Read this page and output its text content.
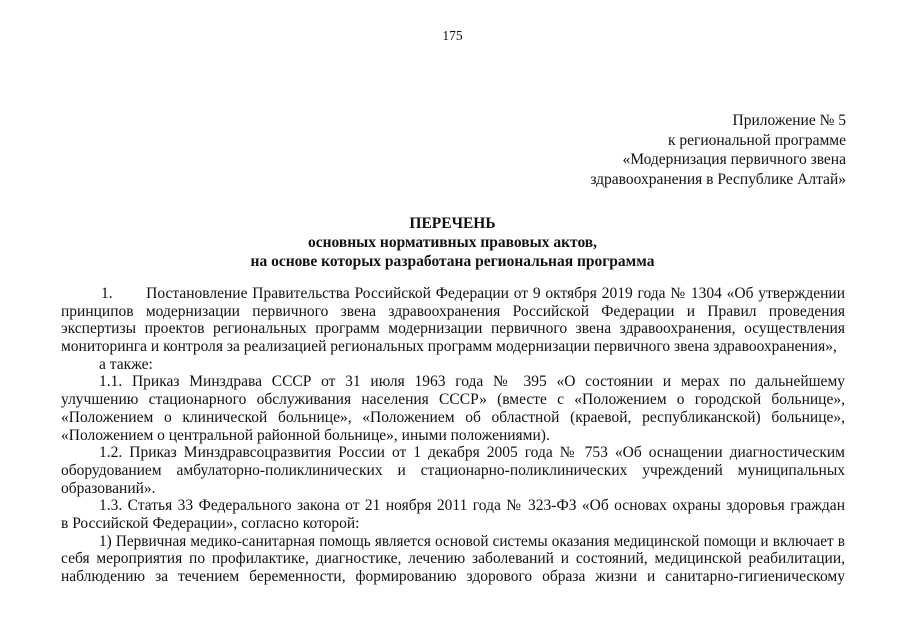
175
Приложение № 5
к региональной программе
«Модернизация первичного звена
здравоохранения в Республике Алтай»
ПЕРЕЧЕНЬ
основных нормативных правовых актов,
на основе которых разработана региональная программа
1.       Постановление Правительства Российской Федерации от 9 октября 2019 года № 1304 «Об утверждении
принципов модернизации первичного звена здравоохранения Российской Федерации и Правил проведения
экспертизы проектов региональных программ модернизации первичного звена здравоохранения, осуществления
мониторинга и контроля за реализацией региональных программ модернизации первичного звена здравоохранения»,
а также:
1.1. Приказ Минздрава СССР от 31 июля 1963 года № 395 «О состоянии и мерах по дальнейшему
улучшению стационарного обслуживания населения СССР» (вместе с «Положением о городской больнице»,
«Положением о клинической больнице», «Положением об областной (краевой, республиканской) больнице»,
«Положением о центральной районной больнице», иными положениями).
1.2. Приказ Минздравсоцразвития России от 1 декабря 2005 года № 753 «Об оснащении диагностическим
оборудованием амбулаторно-поликлинических и стационарно-поликлинических учреждений муниципальных
образований».
1.3. Статья 33 Федерального закона от 21 ноября 2011 года № 323-ФЗ «Об основах охраны здоровья граждан
в Российской Федерации», согласно которой:
1) Первичная медико-санитарная помощь является основой системы оказания медицинской помощи и включает в
себя мероприятия по профилактике, диагностике, лечению заболеваний и состояний, медицинской реабилитации,
наблюдению за течением беременности, формированию здорового образа жизни и санитарно-гигиеническому
